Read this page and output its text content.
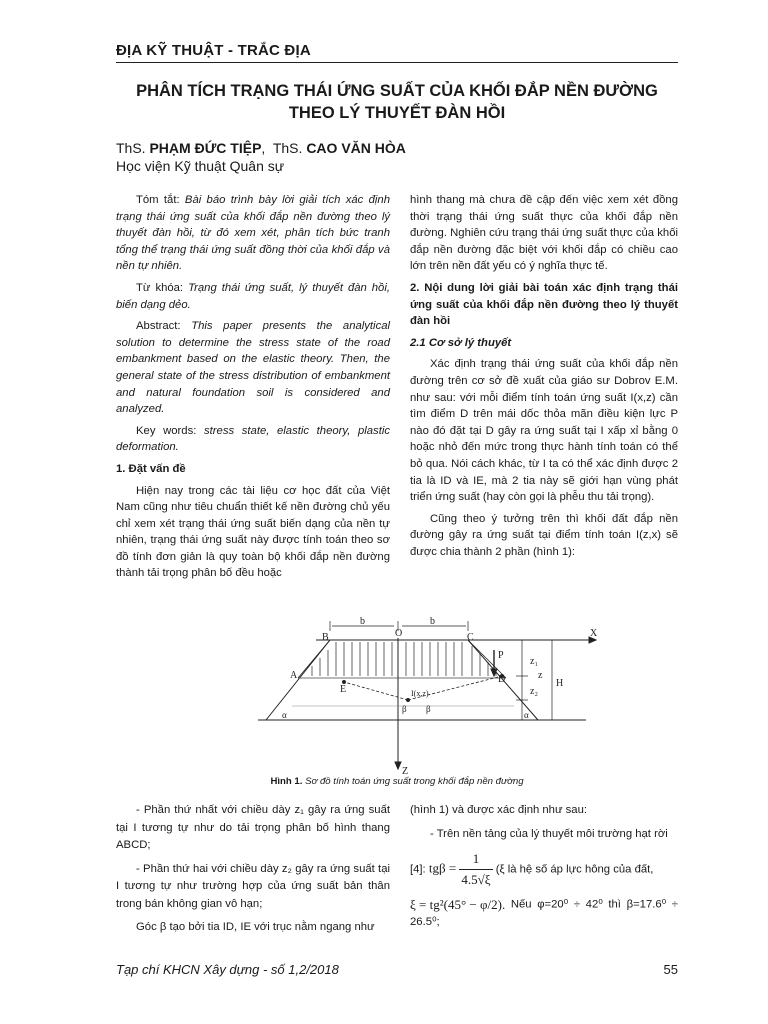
ĐỊA KỸ THUẬT - TRẮC ĐỊA
PHÂN TÍCH TRẠNG THÁI ỨNG SUẤT CỦA KHỐI ĐẮP NỀN ĐƯỜNG
THEO LÝ THUYẾT ĐÀN HỒI
ThS. PHẠM ĐỨC TIỆP,  ThS. CAO VĂN HÒA
Học viện Kỹ thuật Quân sự

Tóm tắt: Bài báo trình bày lời giải tích xác định trạng thái ứng suất của khối đắp nền đường theo lý thuyết đàn hồi, từ đó xem xét, phân tích bức tranh tổng thể trạng thái ứng suất đồng thời của khối đắp và nền tự nhiên.

Từ khóa: Trạng thái ứng suất, lý thuyết đàn hồi, biến dạng dẻo.

Abstract: This paper presents the analytical solution to determine the stress state of the road embankment based on the elastic theory. Then, the general state of the stress distribution of embankment and natural foundation soil is considered and analyzed.

Key words: stress state, elastic theory, plastic deformation.

1. Đặt vấn đề

Hiện nay trong các tài liệu cơ học đất của Việt Nam cũng như tiêu chuẩn thiết kế nền đường chủ yếu chỉ xem xét trạng thái ứng suất biến dạng của nền tự nhiên, trạng thái ứng suất này được tính toán theo sơ đồ tính đơn giản là quy toàn bộ khối đắp nền đường thành tải trọng phân bố đều hoặc

hình thang mà chưa đề cập đến việc xem xét đồng thời trạng thái ứng suất thực của khối đắp nền đường. Nghiên cứu trạng thái ứng suất thực của khối đắp nền đường đặc biệt với khối đắp có chiều cao lớn trên nền đất yếu có ý nghĩa thực tế.

2. Nội dung lời giải bài toán xác định trạng thái ứng suất của khối đắp nền đường theo lý thuyết đàn hồi

2.1 Cơ sở lý thuyết

Xác định trạng thái ứng suất của khối đắp nền đường trên cơ sở đề xuất của giáo sư Dobrov E.M. như sau: với mỗi điểm tính toán ứng suất I(x,z) cần tìm điểm D trên mái dốc thỏa mãn điều kiện lực P nào đó đặt tại D gây ra ứng suất tại I xấp xỉ bằng 0 hoặc nhỏ đến mức trong thực hành tính toán có thể bỏ qua. Nói cách khác, từ I ta có thể xác định được 2 tia là ID và IE, mà 2 tia này sẽ giới hạn vùng phát triển ứng suất (hay còn gọi là phễu thu tải trọng).

Cũng theo ý tưởng trên thì khối đất đắp nền đường gây ra ứng suất tại điểm tính toán I(z,x) sẽ được chia thành 2 phần (hình 1):

b	b
O
B	C	X
A	D
E
P
z₁
z
z₂
H
I(x,z)
β β
α	α
Z
Hình 1. Sơ đồ tính toán ứng suất trong khối đắp nền đường

- Phần thứ nhất với chiều dày z₁ gây ra ứng suất tại I tương tự như do tải trọng phân bố hình thang ABCD;

- Phần thứ hai với chiều dày z₂ gây ra ứng suất tại I tương tự như trường hợp của ứng suất bản thân trong bán không gian vô hạn;

Góc β tạo bởi tia ID, IE với trục nằm ngang như

(hình 1) và được xác định như sau:

- Trên nền tảng của lý thuyết môi trường hạt rời

[4]: $tg\beta = \frac{1}{4.5√\xi} (\xi$ là hệ số áp lực hông của đất,

ξ = tg²(45° − φ/2). Nếu φ=20⁰ ÷ 42⁰ thì β=17.6⁰ ÷ 26.5⁰;

Tạp chí KHCN Xây dựng - số 1,2/2018	55
